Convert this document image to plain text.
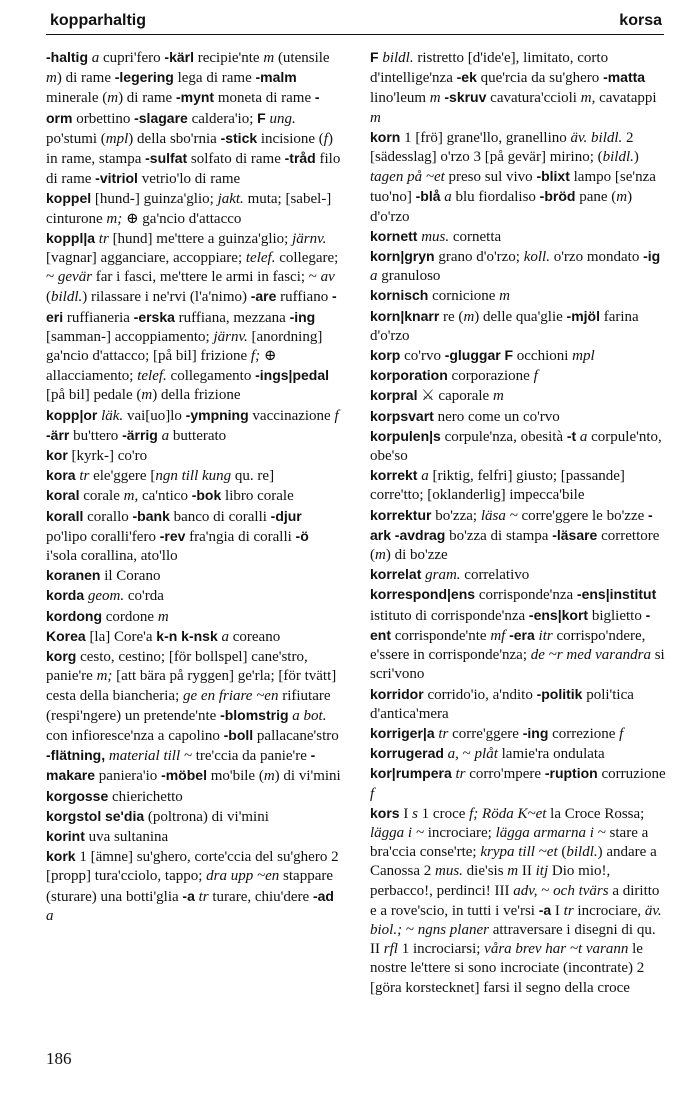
kopparhaltig	korsa

-haltig a cupri'fero -kärl recipie'nte m (utensile m) di rame -legering lega di rame -malm minerale (m) di rame -mynt moneta di rame -orm orbettino -slagare caldera'io; F ung. po'stumi (mpl) della sbo'rnia -stick incisione (f) in rame, stampa -sulfat solfato di rame -tråd filo di rame -vitriol vetrio'lo di rame

koppel [hund-] guinza'glio; jakt. muta; [sabel-] cinturone m; ⊕ ga'ncio d'attacco

koppl|a tr [hund] me'ttere a guinza'glio; järnv. [vagnar] agganciare, accoppiare; telef. collegare; ~ gevär far i fasci, me'ttere le armi in fasci; ~ av (bildl.) rilassare i ne'rvi (l'a'nimo) -are ruffiano -eri ruffianeria -erska ruffiana, mezzana -ing [samman-] accoppiamento; järnv. [anordning] ga'ncio d'attacco; [på bil] frizione f; ⊕ allacciamento; telef. collegamento -ings|pedal [på bil] pedale (m) della frizione

kopp|or läk. vai[uo]lo -ympning vaccinazione f -ärr bu'ttero -ärrig a butterato

kor [kyrk-] co'ro

kora tr ele'ggere [ngn till kung qu. re]

koral corale m, ca'ntico -bok libro corale

korall corallo -bank banco di coralli -djur po'lipo coralli'fero -rev fra'ngia di coralli -ö i'sola corallina, ato'llo

koranen il Corano

korda geom. co'rda

kordong cordone m

Korea [la] Core'a k-n k-nsk a coreano

korg cesto, cestino; [för bollspel] cane'stro, panie're m; [att bära på ryggen] ge'rla; [för tvätt] cesta della biancheria; ge en friare ~en rifiutare (respi'ngere) un pretende'nte -blomstrig a bot. con infioresce'nza a capolino -boll pallacane'stro -flätning, material till ~ tre'ccia da panie're -makare paniera'io -möbel mo'bile (m) di vi'mini

korgosse chierichetto

korgstol se'dia (poltrona) di vi'mini

korint uva sultanina

kork 1 [ämne] su'ghero, corte'ccia del su'ghero 2 [propp] tura'cciolo, tappo; dra upp ~en stappare (sturare) una botti'glia -a tr turare, chiu'dere -ad a

F bildl. ristretto [d'ide'e], limitato, corto d'intellige'nza -ek que'rcia da su'ghero -matta lino'leum m -skruv cavatura'ccioli m, cavatappi m

korn 1 [frö] grane'llo, granellino äv. bildl. 2 [sädesslag] o'rzo 3 [på gevär] mirino; (bildl.) tagen på ~et preso sul vivo -blixt lampo [se'nza tuo'no] -blå a blu fiordaliso -bröd pane (m) d'o'rzo

kornett mus. cornetta

korn|gryn grano d'o'rzo; koll. o'rzo mondato -ig a granuloso

kornisch cornicione m

korn|knarr re (m) delle qua'glie -mjöl farina d'o'rzo

korp co'rvo -gluggar F occhioni mpl

korporation corporazione f

korpral ⚔ caporale m

korpsvart nero come un co'rvo

korpulen|s corpule'nza, obesità -t a corpule'nto, obe'so

korrekt a [riktig, felfri] giusto; [passande] corre'tto; [oklanderlig] impecca'bile

korrektur bo'zza; läsa ~ corre'ggere le bo'zze -ark -avdrag bo'zza di stampa -läsare correttore (m) di bo'zze

korrelat gram. correlativo

korrespond|ens corrisponde'nza -ens|institut istituto di corrisponde'nza -ens|kort biglietto -ent corrisponde'nte mf -era itr corrispo'ndere, e'ssere in corrisponde'nza; de ~r med varandra si scri'vono

korridor corrido'io, a'ndito -politik poli'tica d'antica'mera

korriger|a tr corre'ggere -ing correzione f

korrugerad a, ~ plåt lamie'ra ondulata

kor|rumpera tr corro'mpere -ruption corruzione f

kors I s 1 croce f; Röda K~et la Croce Rossa; lägga i ~ incrociare; lägga armarna i ~ stare a bra'ccia conse'rte; krypa till ~et (bildl.) andare a Canossa 2 mus. die'sis m II itj Dio mio!, perbacco!, perdinci! III adv, ~ och tvärs a diritto e a rove'scio, in tutti i ve'rsi -a I tr incrociare, äv. biol.; ~ ngns planer attraversare i disegni di qu. II rfl 1 incrociarsi; våra brev har ~t varann le nostre le'ttere si sono incrociate (incontrate) 2 [göra korstecknet] farsi il segno della croce

186
